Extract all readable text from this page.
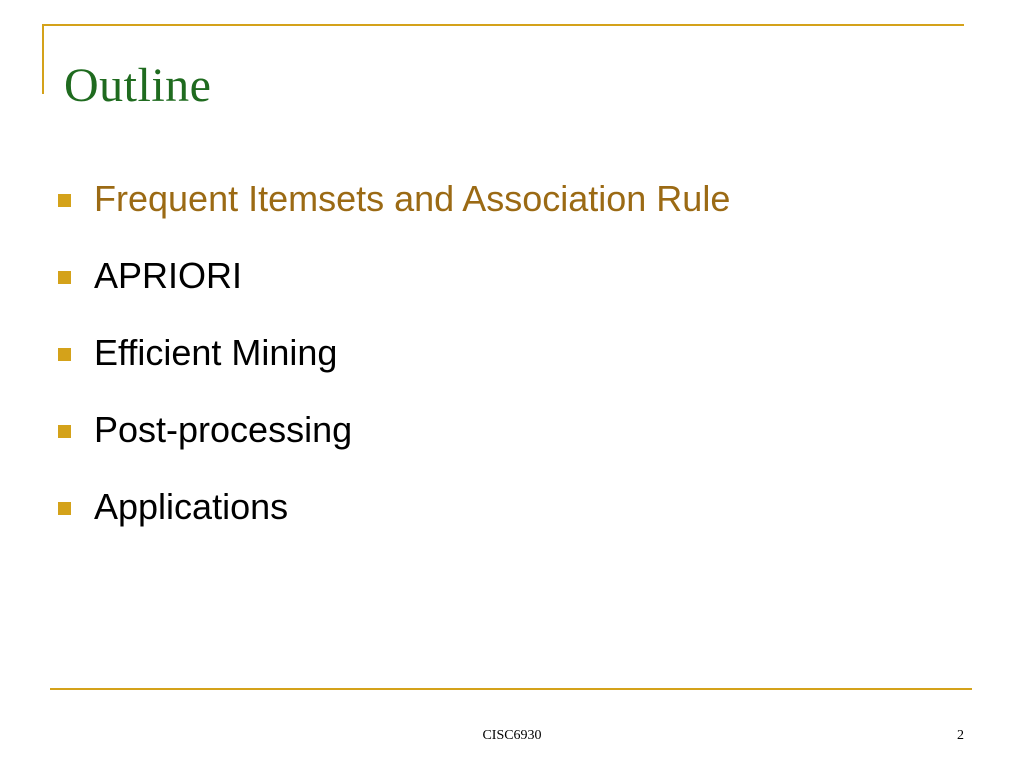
Outline
Frequent Itemsets and Association Rule
APRIORI
Efficient Mining
Post-processing
Applications
CISC6930	2
